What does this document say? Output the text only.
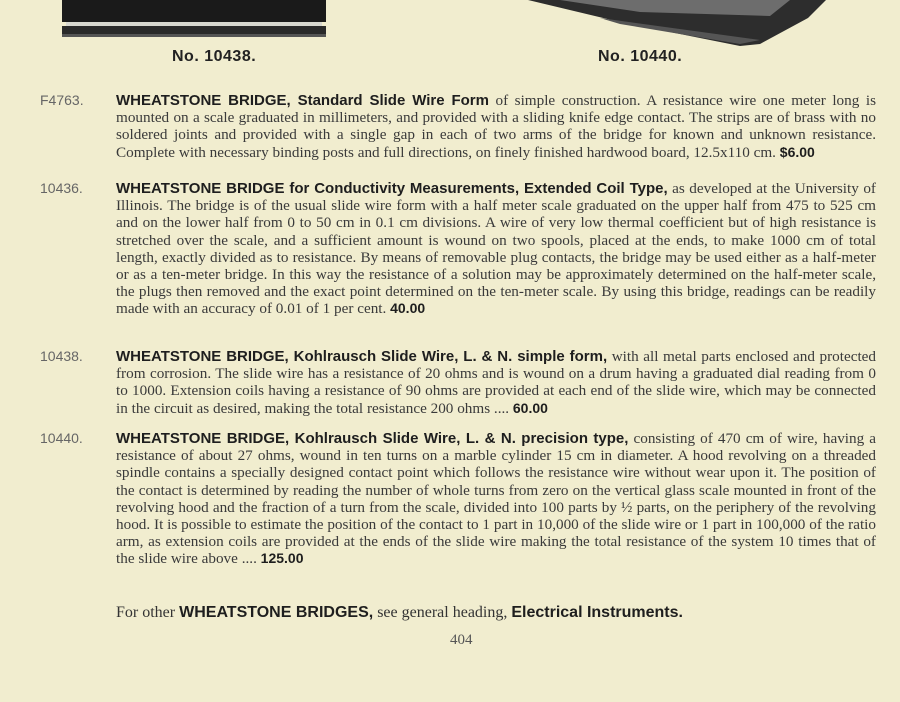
No. 10438.	No. 10440.
F4763. WHEATSTONE BRIDGE, Standard Slide Wire Form of simple construction. A resistance wire one meter long is mounted on a scale graduated in millimeters, and provided with a sliding knife edge contact. The strips are of brass with no soldered joints and provided with a single gap in each of two arms of the bridge for known and unknown resistance. Complete with necessary binding posts and full directions, on finely finished hardwood board, 12.5x110 cm. $6.00
10436. WHEATSTONE BRIDGE for Conductivity Measurements, Extended Coil Type, as developed at the University of Illinois. The bridge is of the usual slide wire form with a half meter scale graduated on the upper half from 475 to 525 cm and on the lower half from 0 to 50 cm in 0.1 cm divisions. A wire of very low thermal coefficient but of high resistance is stretched over the scale, and a sufficient amount is wound on two spools, placed at the ends, to make 1000 cm of total length, exactly divided as to resistance. By means of removable plug contacts, the bridge may be used either as a half-meter or as a ten-meter bridge. In this way the resistance of a solution may be approximately determined on the half-meter scale, the plugs then removed and the exact point determined on the ten-meter scale. By using this bridge, readings can be readily made with an accuracy of 0.01 of 1 per cent. 40.00
10438. WHEATSTONE BRIDGE, Kohlrausch Slide Wire, L. & N. simple form, with all metal parts enclosed and protected from corrosion. The slide wire has a resistance of 20 ohms and is wound on a drum having a graduated dial reading from 0 to 1000. Extension coils having a resistance of 90 ohms are provided at each end of the slide wire, which may be connected in the circuit as desired, making the total resistance 200 ohms .... 60.00
10440. WHEATSTONE BRIDGE, Kohlrausch Slide Wire, L. & N. precision type, consisting of 470 cm of wire, having a resistance of about 27 ohms, wound in ten turns on a marble cylinder 15 cm in diameter. A hood revolving on a threaded spindle contains a specially designed contact point which follows the resistance wire without wear upon it. The position of the contact is determined by reading the number of whole turns from zero on the vertical glass scale mounted in front of the revolving hood and the fraction of a turn from the scale, divided into 100 parts by ½ parts, on the periphery of the revolving hood. It is possible to estimate the position of the contact to 1 part in 10,000 of the slide wire or 1 part in 100,000 of the ratio arm, as extension coils are provided at the ends of the slide wire making the total resistance of the system 10 times that of the slide wire above .... 125.00
For other WHEATSTONE BRIDGES, see general heading, Electrical Instruments.
404
